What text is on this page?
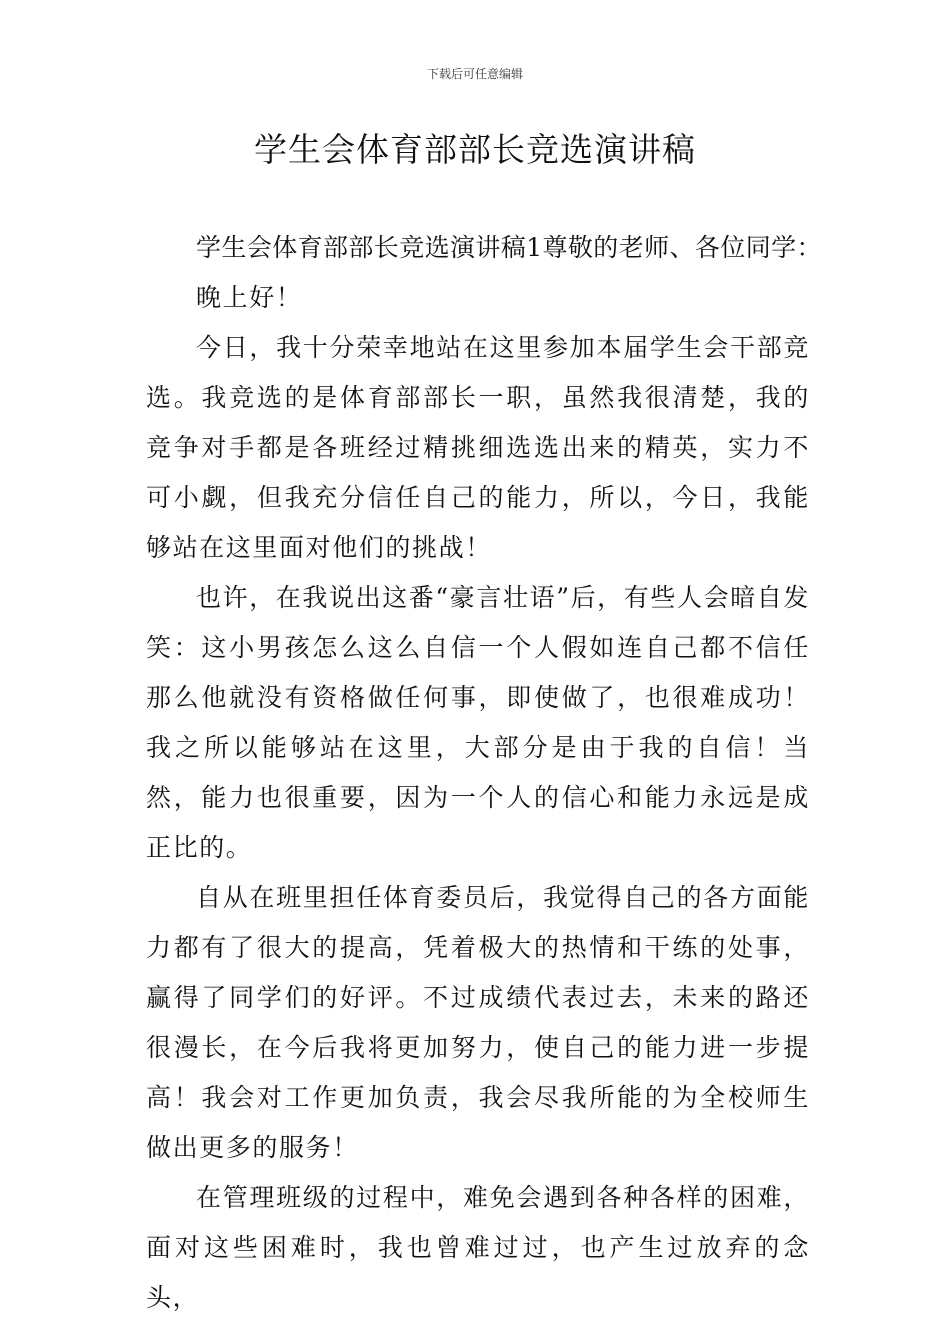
下载后可任意编辑
学生会体育部部长竞选演讲稿

学生会体育部部长竞选演讲稿1尊敬的老师、各位同学：

晚上好！

今日，我十分荣幸地站在这里参加本届学生会干部竞选。我竞选的是体育部部长一职，虽然我很清楚，我的竞争对手都是各班经过精挑细选选出来的精英，实力不可小觑，但我充分信任自己的能力，所以，今日，我能够站在这里面对他们的挑战！

也许，在我说出这番“豪言壮语”后，有些人会暗自发笑：这小男孩怎么这么自信一个人假如连自己都不信任那么他就没有资格做任何事，即使做了，也很难成功！我之所以能够站在这里，大部分是由于我的自信！当然，能力也很重要，因为一个人的信心和能力永远是成正比的。

自从在班里担任体育委员后，我觉得自己的各方面能力都有了很大的提高，凭着极大的热情和干练的处事，赢得了同学们的好评。不过成绩代表过去，未来的路还很漫长，在今后我将更加努力，使自己的能力进一步提高！我会对工作更加负责，我会尽我所能的为全校师生做出更多的服务！

在管理班级的过程中，难免会遇到各种各样的困难，面对这些困难时，我也曾难过过，也产生过放弃的念头，
